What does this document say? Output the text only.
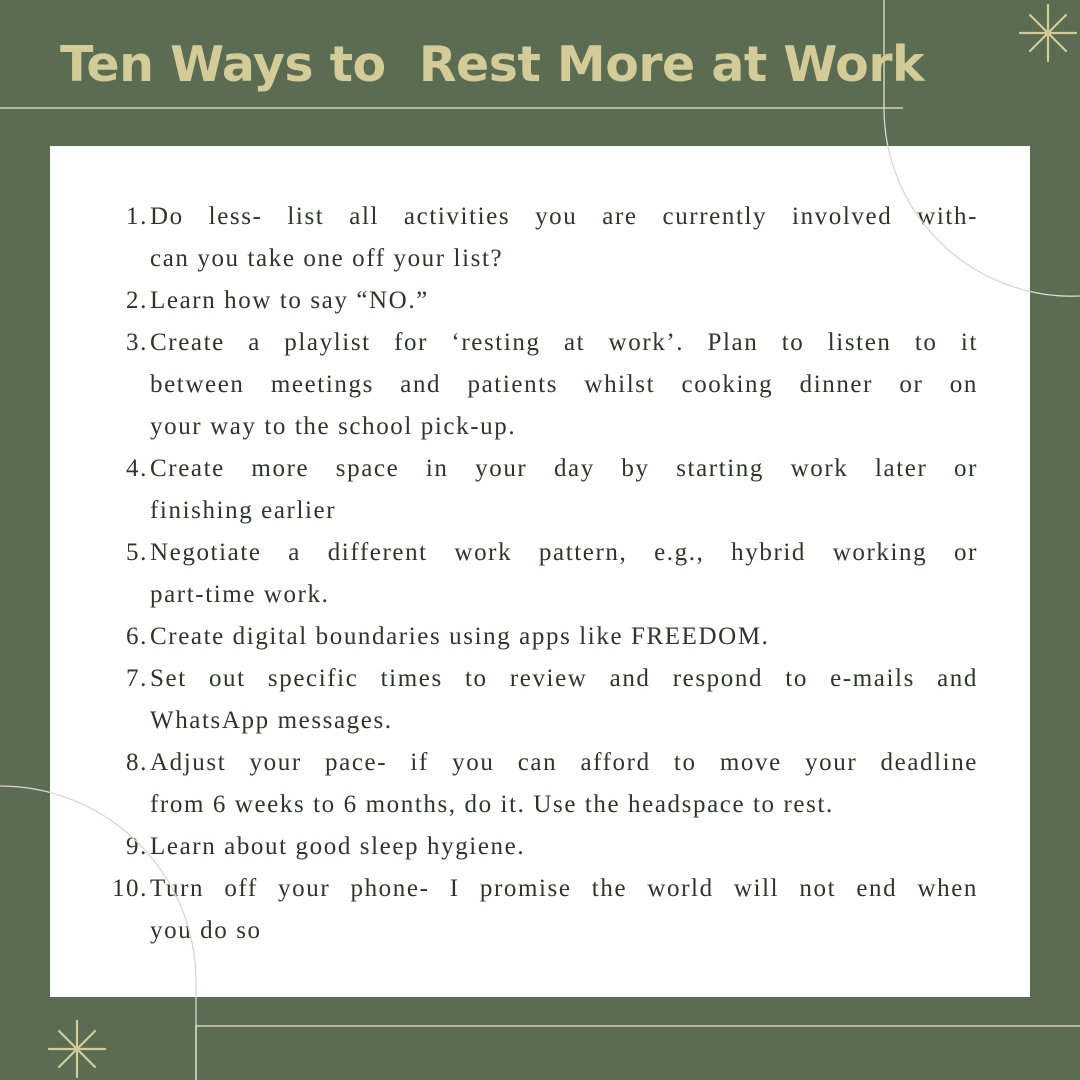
Ten Ways to  Rest More at Work
1. Do less- list all activities you are currently involved with-
can you take one off your list?
2. Learn how to say “NO.”
3. Create a playlist for ‘resting at work’. Plan to listen to it
between meetings and patients whilst cooking dinner or on
your way to the school pick-up.
4. Create more space in your day by starting work later or
finishing earlier
5. Negotiate a different work pattern, e.g., hybrid working or
part-time work.
6. Create digital boundaries using apps like FREEDOM.
7. Set out specific times to review and respond to e-mails and
WhatsApp messages.
8. Adjust your pace- if you can afford to move your deadline
from 6 weeks to 6 months, do it. Use the headspace to rest.
9. Learn about good sleep hygiene.
10. Turn off your phone- I promise the world will not end when
you do so
